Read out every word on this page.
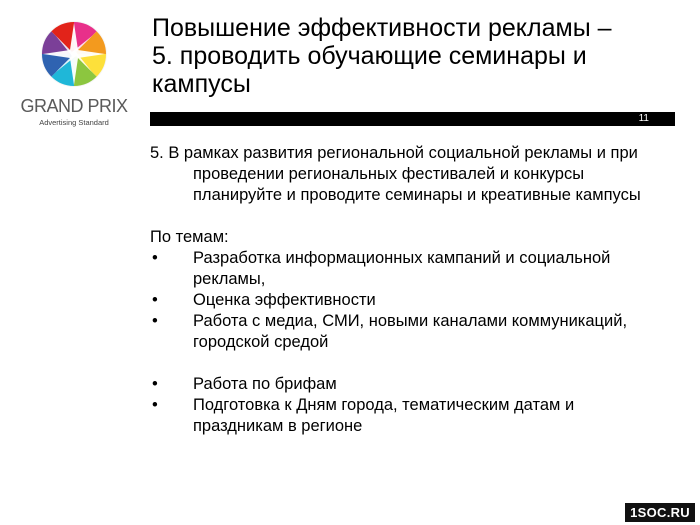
GRAND PRIX
Advertising Standard
Повышение эффективности рекламы –
5. проводить обучающие семинары и
кампусы
11

5. В рамках развития региональной социальной рекламы и при

проведении региональных фестивалей и конкурсы
планируйте и проводите семинары и креативные кампусы

По темам:

• Разработка информационных кампаний и социальной
рекламы,
• Оценка эффективности
• Работа с медиа, СМИ, новыми каналами коммуникаций,
городской средой
• Работа по брифам
• Подготовка к Дням города, тематическим датам и
праздникам в регионе
1SOC.RU
